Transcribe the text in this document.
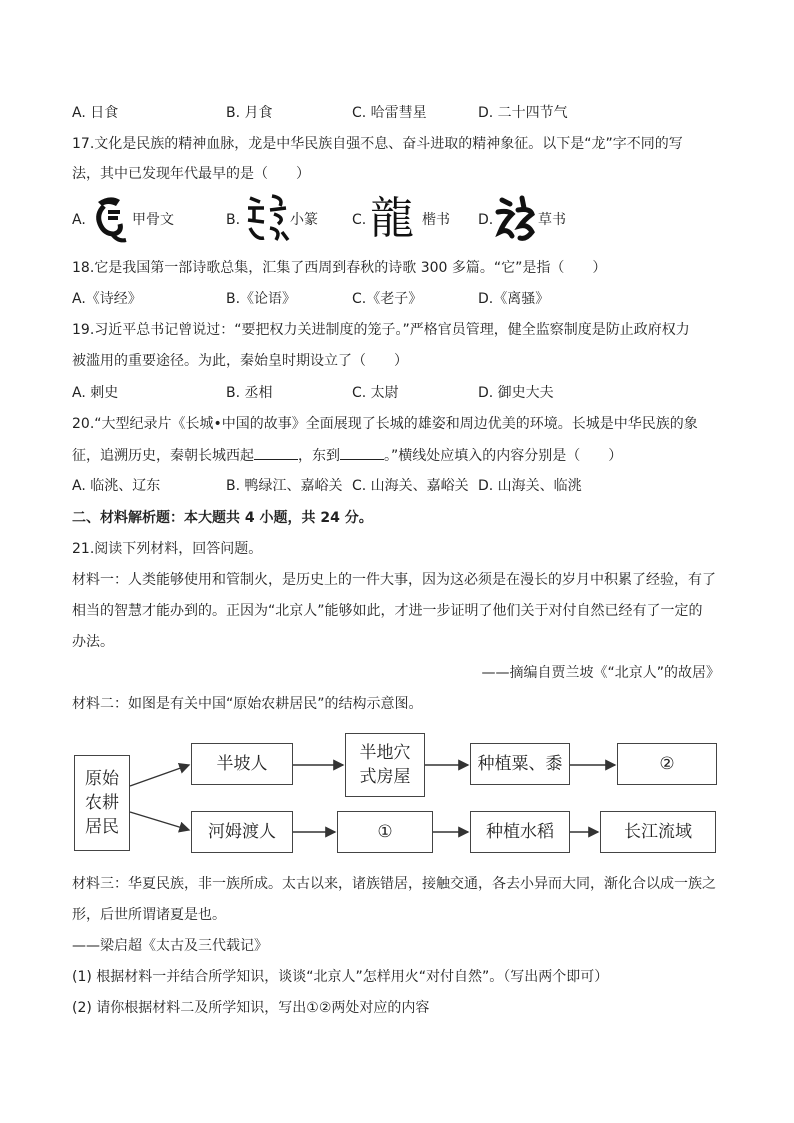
A. 日食	B. 月食	C. 哈雷彗星	D. 二十四节气
17.文化是民族的精神血脉，龙是中华民族自强不息、奋斗进取的精神象征。以下是“龙”字不同的写
法，其中已发现年代最早的是（　　）
A.	甲骨文	B.	小篆 C. 龍 楷书 D.	草书
18.它是我国第一部诗歌总集，汇集了西周到春秋的诗歌 300 多篇。“它”是指（　　）
A.《诗经》	B.《论语》	C.《老子》	D.《离骚》
19.习近平总书记曾说过：“要把权力关进制度的笼子。”严格官员管理，健全监察制度是防止政府权力
被滥用的重要途径。为此，秦始皇时期设立了（　　）
A. 刺史	B. 丞相	C. 太尉	D. 御史大夫
20.“大型纪录片《长城•中国的故事》全面展现了长城的雄姿和周边优美的环境。长城是中华民族的象
征，追溯历史，秦朝长城西起	，东到	。”横线处应填入的内容分别是（　　）
A. 临洮、辽东	B. 鸭绿江、嘉峪关 C. 山海关、嘉峪关 D. 山海关、临洮
二、材料解析题：本大题共 4 小题，共 24 分。
21.阅读下列材料，回答问题。
材料一：人类能够使用和管制火，是历史上的一件大事，因为这必须是在漫长的岁月中积累了经验，有了
相当的智慧才能办到的。正因为“北京人”能够如此，才进一步证明了他们关于对付自然已经有了一定的
办法。
——摘编自贾兰坡《“北京人”的故居》
材料二：如图是有关中国“原始农耕居民”的结构示意图。
原始
农耕
居民
半坡人
半地穴
式房屋
种植粟、黍	②
河姆渡人	①	种植水稻	长江流域
材料三：华夏民族，非一族所成。太古以来，诸族错居，接触交通，各去小异而大同，渐化合以成一族之
形，后世所谓诸夏是也。
——梁启超《太古及三代载记》
(1) 根据材料一并结合所学知识，谈谈“北京人”怎样用火“对付自然”。（写出两个即可）
(2) 请你根据材料二及所学知识，写出①②两处对应的内容
